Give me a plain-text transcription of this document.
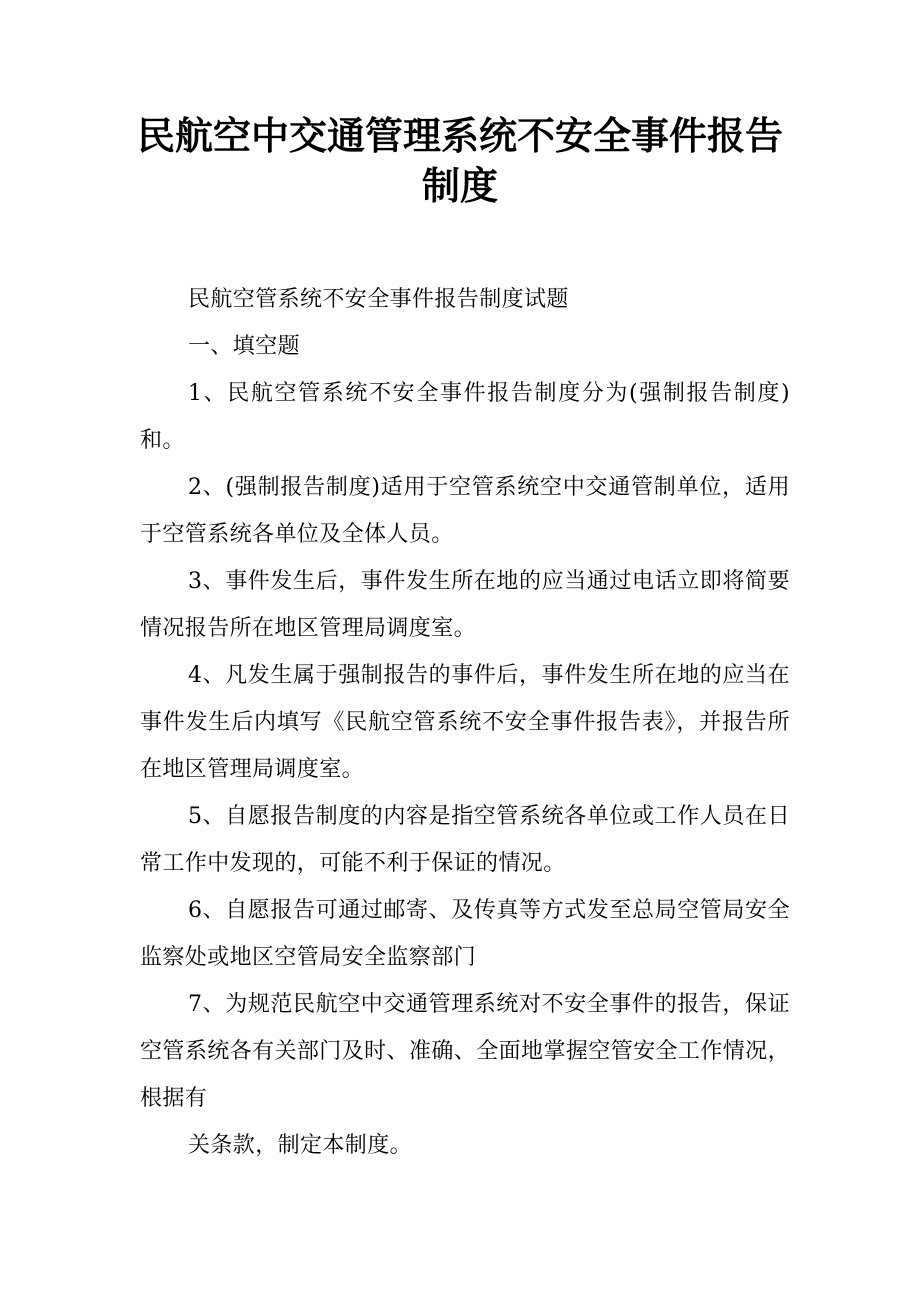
民航空中交通管理系统不安全事件报告
制度

民航空管系统不安全事件报告制度试题

一、填空题

1、民航空管系统不安全事件报告制度分为(强制报告制度)和。

2、(强制报告制度)适用于空管系统空中交通管制单位，适用于空管系统各单位及全体人员。

3、事件发生后，事件发生所在地的应当通过电话立即将简要情况报告所在地区管理局调度室。

4、凡发生属于强制报告的事件后，事件发生所在地的应当在事件发生后内填写《民航空管系统不安全事件报告表》，并报告所在地区管理局调度室。

5、自愿报告制度的内容是指空管系统各单位或工作人员在日常工作中发现的，可能不利于保证的情况。

6、自愿报告可通过邮寄、及传真等方式发至总局空管局安全监察处或地区空管局安全监察部门

7、为规范民航空中交通管理系统对不安全事件的报告，保证空管系统各有关部门及时、准确、全面地掌握空管安全工作情况，根据有

关条款，制定本制度。
